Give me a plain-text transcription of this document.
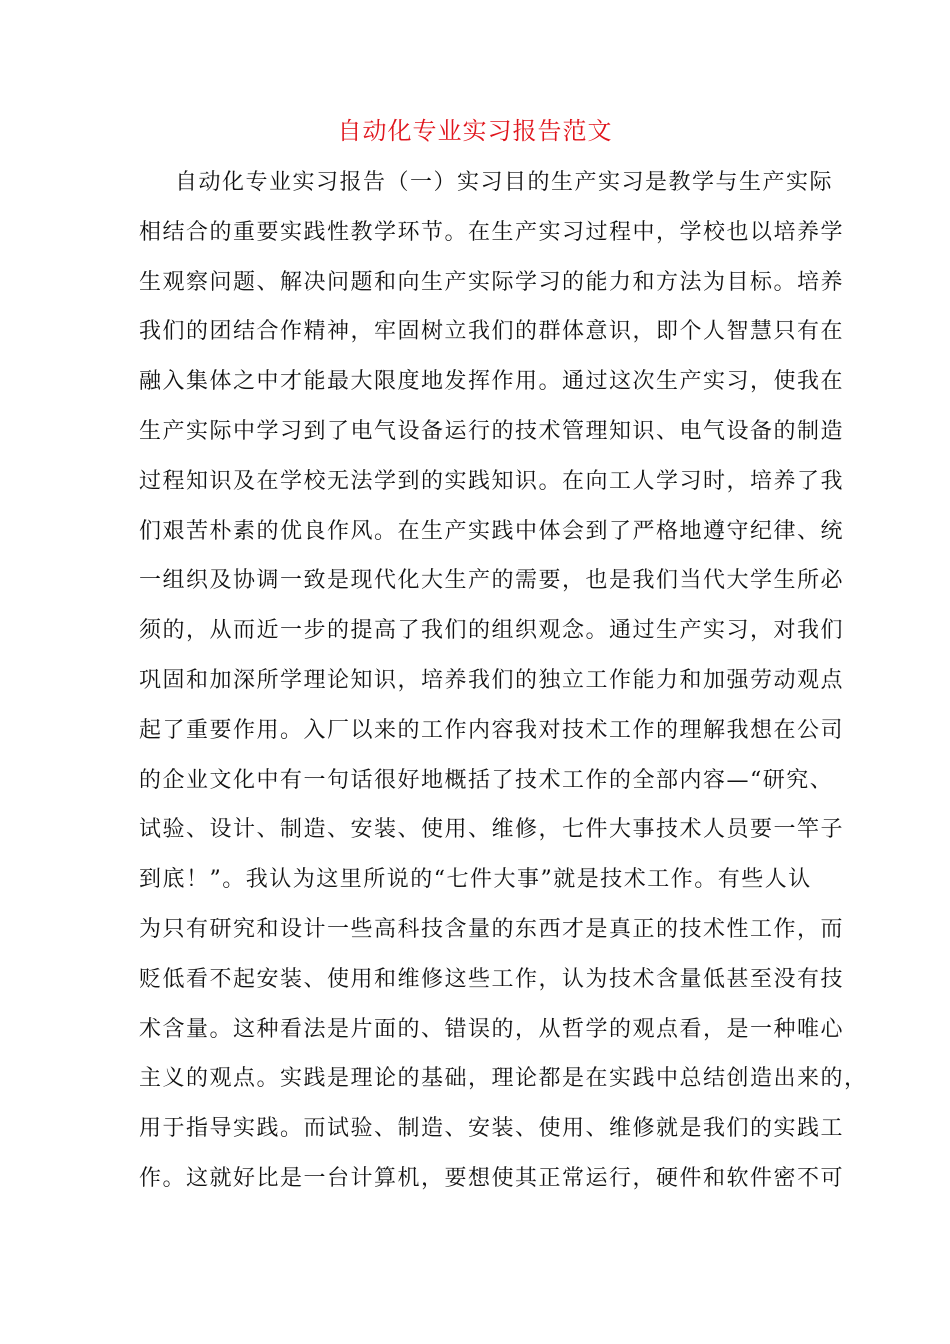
自动化专业实习报告范文
自动化专业实习报告（一）实习目的生产实习是教学与生产实际
相结合的重要实践性教学环节。在生产实习过程中，学校也以培养学
生观察问题、解决问题和向生产实际学习的能力和方法为目标。培养
我们的团结合作精神，牢固树立我们的群体意识，即个人智慧只有在
融入集体之中才能最大限度地发挥作用。通过这次生产实习，使我在
生产实际中学习到了电气设备运行的技术管理知识、电气设备的制造
过程知识及在学校无法学到的实践知识。在向工人学习时，培养了我
们艰苦朴素的优良作风。在生产实践中体会到了严格地遵守纪律、统
一组织及协调一致是现代化大生产的需要，也是我们当代大学生所必
须的，从而近一步的提高了我们的组织观念。通过生产实习，对我们
巩固和加深所学理论知识，培养我们的独立工作能力和加强劳动观点
起了重要作用。入厂以来的工作内容我对技术工作的理解我想在公司
的企业文化中有一句话很好地概括了技术工作的全部内容—“研究、
试验、设计、制造、安装、使用、维修，七件大事技术人员要一竿子
到底！”。我认为这里所说的“七件大事”就是技术工作。有些人认
为只有研究和设计一些高科技含量的东西才是真正的技术性工作，而
贬低看不起安装、使用和维修这些工作，认为技术含量低甚至没有技
术含量。这种看法是片面的、错误的，从哲学的观点看，是一种唯心
主义的观点。实践是理论的基础，理论都是在实践中总结创造出来的，
用于指导实践。而试验、制造、安装、使用、维修就是我们的实践工
作。这就好比是一台计算机，要想使其正常运行，硬件和软件密不可
